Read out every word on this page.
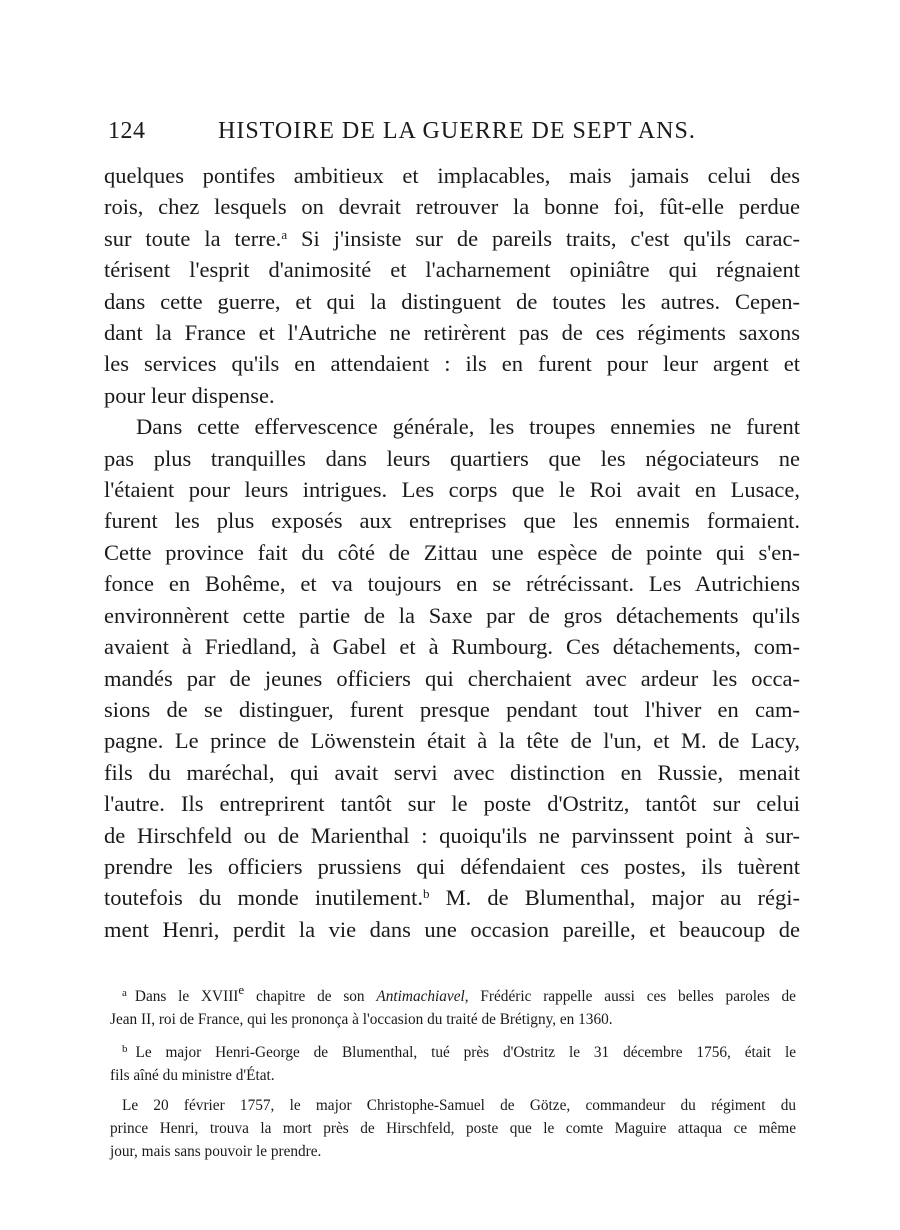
124	HISTOIRE DE LA GUERRE DE SEPT ANS.
quelques pontifes ambitieux et implacables, mais jamais celui des
rois, chez lesquels on devrait retrouver la bonne foi, fût-elle perdue
sur toute la terre.$^a$ Si j'insiste sur de pareils traits, c'est qu'ils carac-
térisent l'esprit d'animosité et l'acharnement opiniâtre qui régnaient
dans cette guerre, et qui la distinguent de toutes les autres. Cepen-
dant la France et l'Autriche ne retirèrent pas de ces régiments saxons
les services qu'ils en attendaient : ils en furent pour leur argent et
pour leur dispense.
Dans cette effervescence générale, les troupes ennemies ne furent
pas plus tranquilles dans leurs quartiers que les négociateurs ne
l'étaient pour leurs intrigues. Les corps que le Roi avait en Lusace,
furent les plus exposés aux entreprises que les ennemis formaient.
Cette province fait du côté de Zittau une espèce de pointe qui s'en-
fonce en Bohême, et va toujours en se rétrécissant. Les Autrichiens
environnèrent cette partie de la Saxe par de gros détachements qu'ils
avaient à Friedland, à Gabel et à Rumbourg. Ces détachements, com-
mandés par de jeunes officiers qui cherchaient avec ardeur les occa-
sions de se distinguer, furent presque pendant tout l'hiver en cam-
pagne. Le prince de Löwenstein était à la tête de l'un, et M. de Lacy,
fils du maréchal, qui avait servi avec distinction en Russie, menait
l'autre. Ils entreprirent tantôt sur le poste d'Ostritz, tantôt sur celui
de Hirschfeld ou de Marienthal : quoiqu'ils ne parvinssent point à sur-
prendre les officiers prussiens qui défendaient ces postes, ils tuèrent
toutefois du monde inutilement.$^b$ M. de Blumenthal, major au régi-
ment Henri, perdit la vie dans une occasion pareille, et beaucoup de
$^a$ Dans le XVIIIe chapitre de son Antimachiavel, Frédéric rappelle aussi ces belles paroles de
Jean II, roi de France, qui les prononça à l'occasion du traité de Brétigny, en 1360.
$^b$ Le major Henri-George de Blumenthal, tué près d'Ostritz le 31 décembre 1756, était le
fils aîné du ministre d'État.
Le 20 février 1757, le major Christophe-Samuel de Götze, commandeur du régiment du
prince Henri, trouva la mort près de Hirschfeld, poste que le comte Maguire attaqua ce même
jour, mais sans pouvoir le prendre.
